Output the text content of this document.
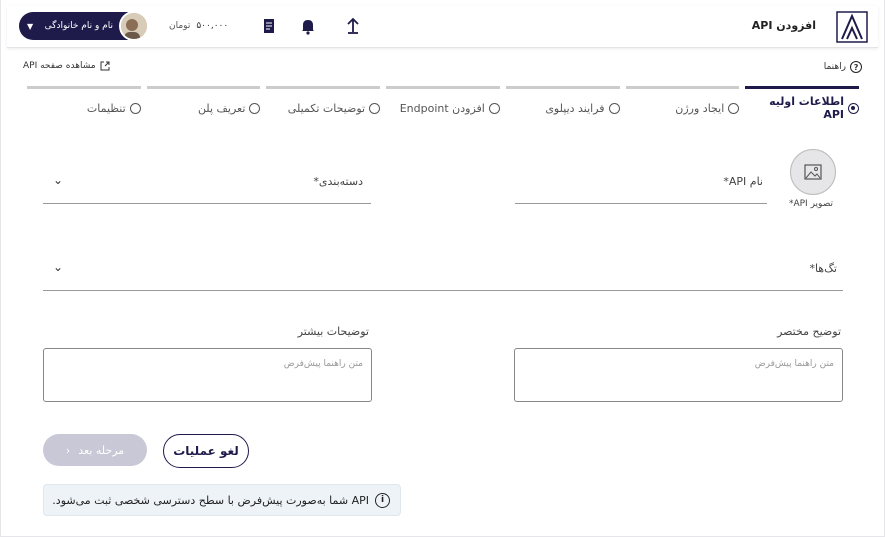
افزودن API
۵۰۰,۰۰۰
تومان
نام و نام خانوادگی
▼
?
راهنما
مشاهده صفحه API
اطلاعات اولیه API
ایجاد ورژن
فرایند دیپلوی
افزودن Endpoint
توضیحات تکمیلی
تعریف پلن
تنظیمات
تصویر API*
نام API*
دسته‌بندی*
⌄
تگ‌ها*
⌄
توضیح مختصر
متن راهنما پیش‌فرض
توضیحات بیشتر
متن راهنما پیش‌فرض
لغو عملیات
مرحله بعد
‹
i
API شما به‌صورت پیش‌فرض با سطح دسترسی شخصی ثبت می‌شود.
